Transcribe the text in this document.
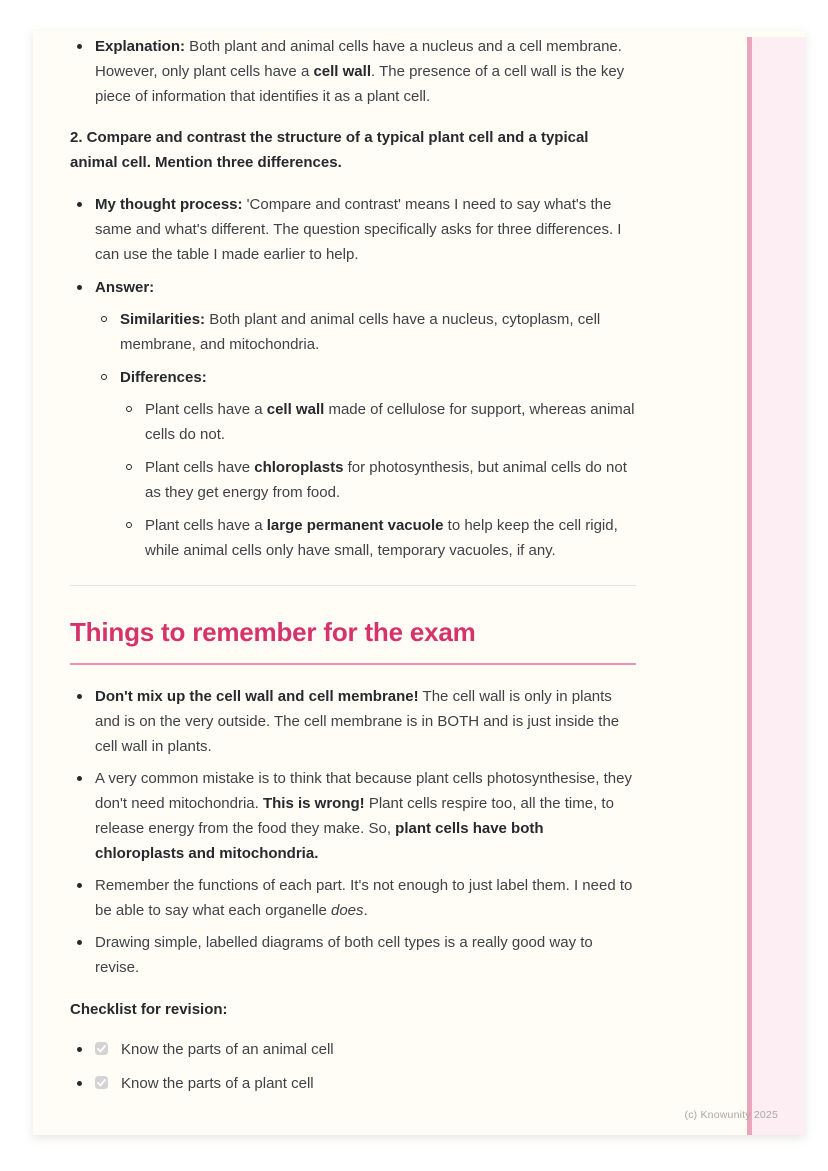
Explanation: Both plant and animal cells have a nucleus and a cell membrane. However, only plant cells have a cell wall. The presence of a cell wall is the key piece of information that identifies it as a plant cell.

2. Compare and contrast the structure of a typical plant cell and a typical animal cell. Mention three differences.

My thought process: 'Compare and contrast' means I need to say what's the same and what's different. The question specifically asks for three differences. I can use the table I made earlier to help.
Answer:
Similarities: Both plant and animal cells have a nucleus, cytoplasm, cell membrane, and mitochondria.
Differences:
Plant cells have a cell wall made of cellulose for support, whereas animal cells do not.
Plant cells have chloroplasts for photosynthesis, but animal cells do not as they get energy from food.
Plant cells have a large permanent vacuole to help keep the cell rigid, while animal cells only have small, temporary vacuoles, if any.
Things to remember for the exam
Don't mix up the cell wall and cell membrane! The cell wall is only in plants and is on the very outside. The cell membrane is in BOTH and is just inside the cell wall in plants.
A very common mistake is to think that because plant cells photosynthesise, they don't need mitochondria. This is wrong! Plant cells respire too, all the time, to release energy from the food they make. So, plant cells have both chloroplasts and mitochondria.
Remember the functions of each part. It's not enough to just label them. I need to be able to say what each organelle does.
Drawing simple, labelled diagrams of both cell types is a really good way to revise.

Checklist for revision:

Know the parts of an animal cell
Know the parts of a plant cell
(c) Knowunity 2025
